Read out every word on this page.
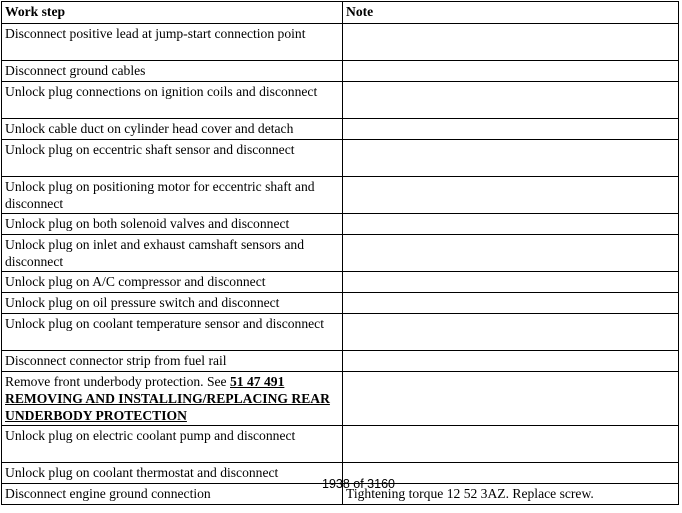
Work step	Note
Disconnect positive lead at jump-start connection point	
Disconnect ground cables	
Unlock plug connections on ignition coils and disconnect	
Unlock cable duct on cylinder head cover and detach	
Unlock plug on eccentric shaft sensor and disconnect	
Unlock plug on positioning motor for eccentric shaft and disconnect	
Unlock plug on both solenoid valves and disconnect	
Unlock plug on inlet and exhaust camshaft sensors and disconnect	
Unlock plug on A/C compressor and disconnect	
Unlock plug on oil pressure switch and disconnect	
Unlock plug on coolant temperature sensor and disconnect	
Disconnect connector strip from fuel rail	
Remove front underbody protection. See 51 47 491 REMOVING AND INSTALLING/REPLACING REAR UNDERBODY PROTECTION	
Unlock plug on electric coolant pump and disconnect	
Unlock plug on coolant thermostat and disconnect	
Disconnect engine ground connection	Tightening torque 12 52 3AZ. Replace screw.
1938 of 3160
